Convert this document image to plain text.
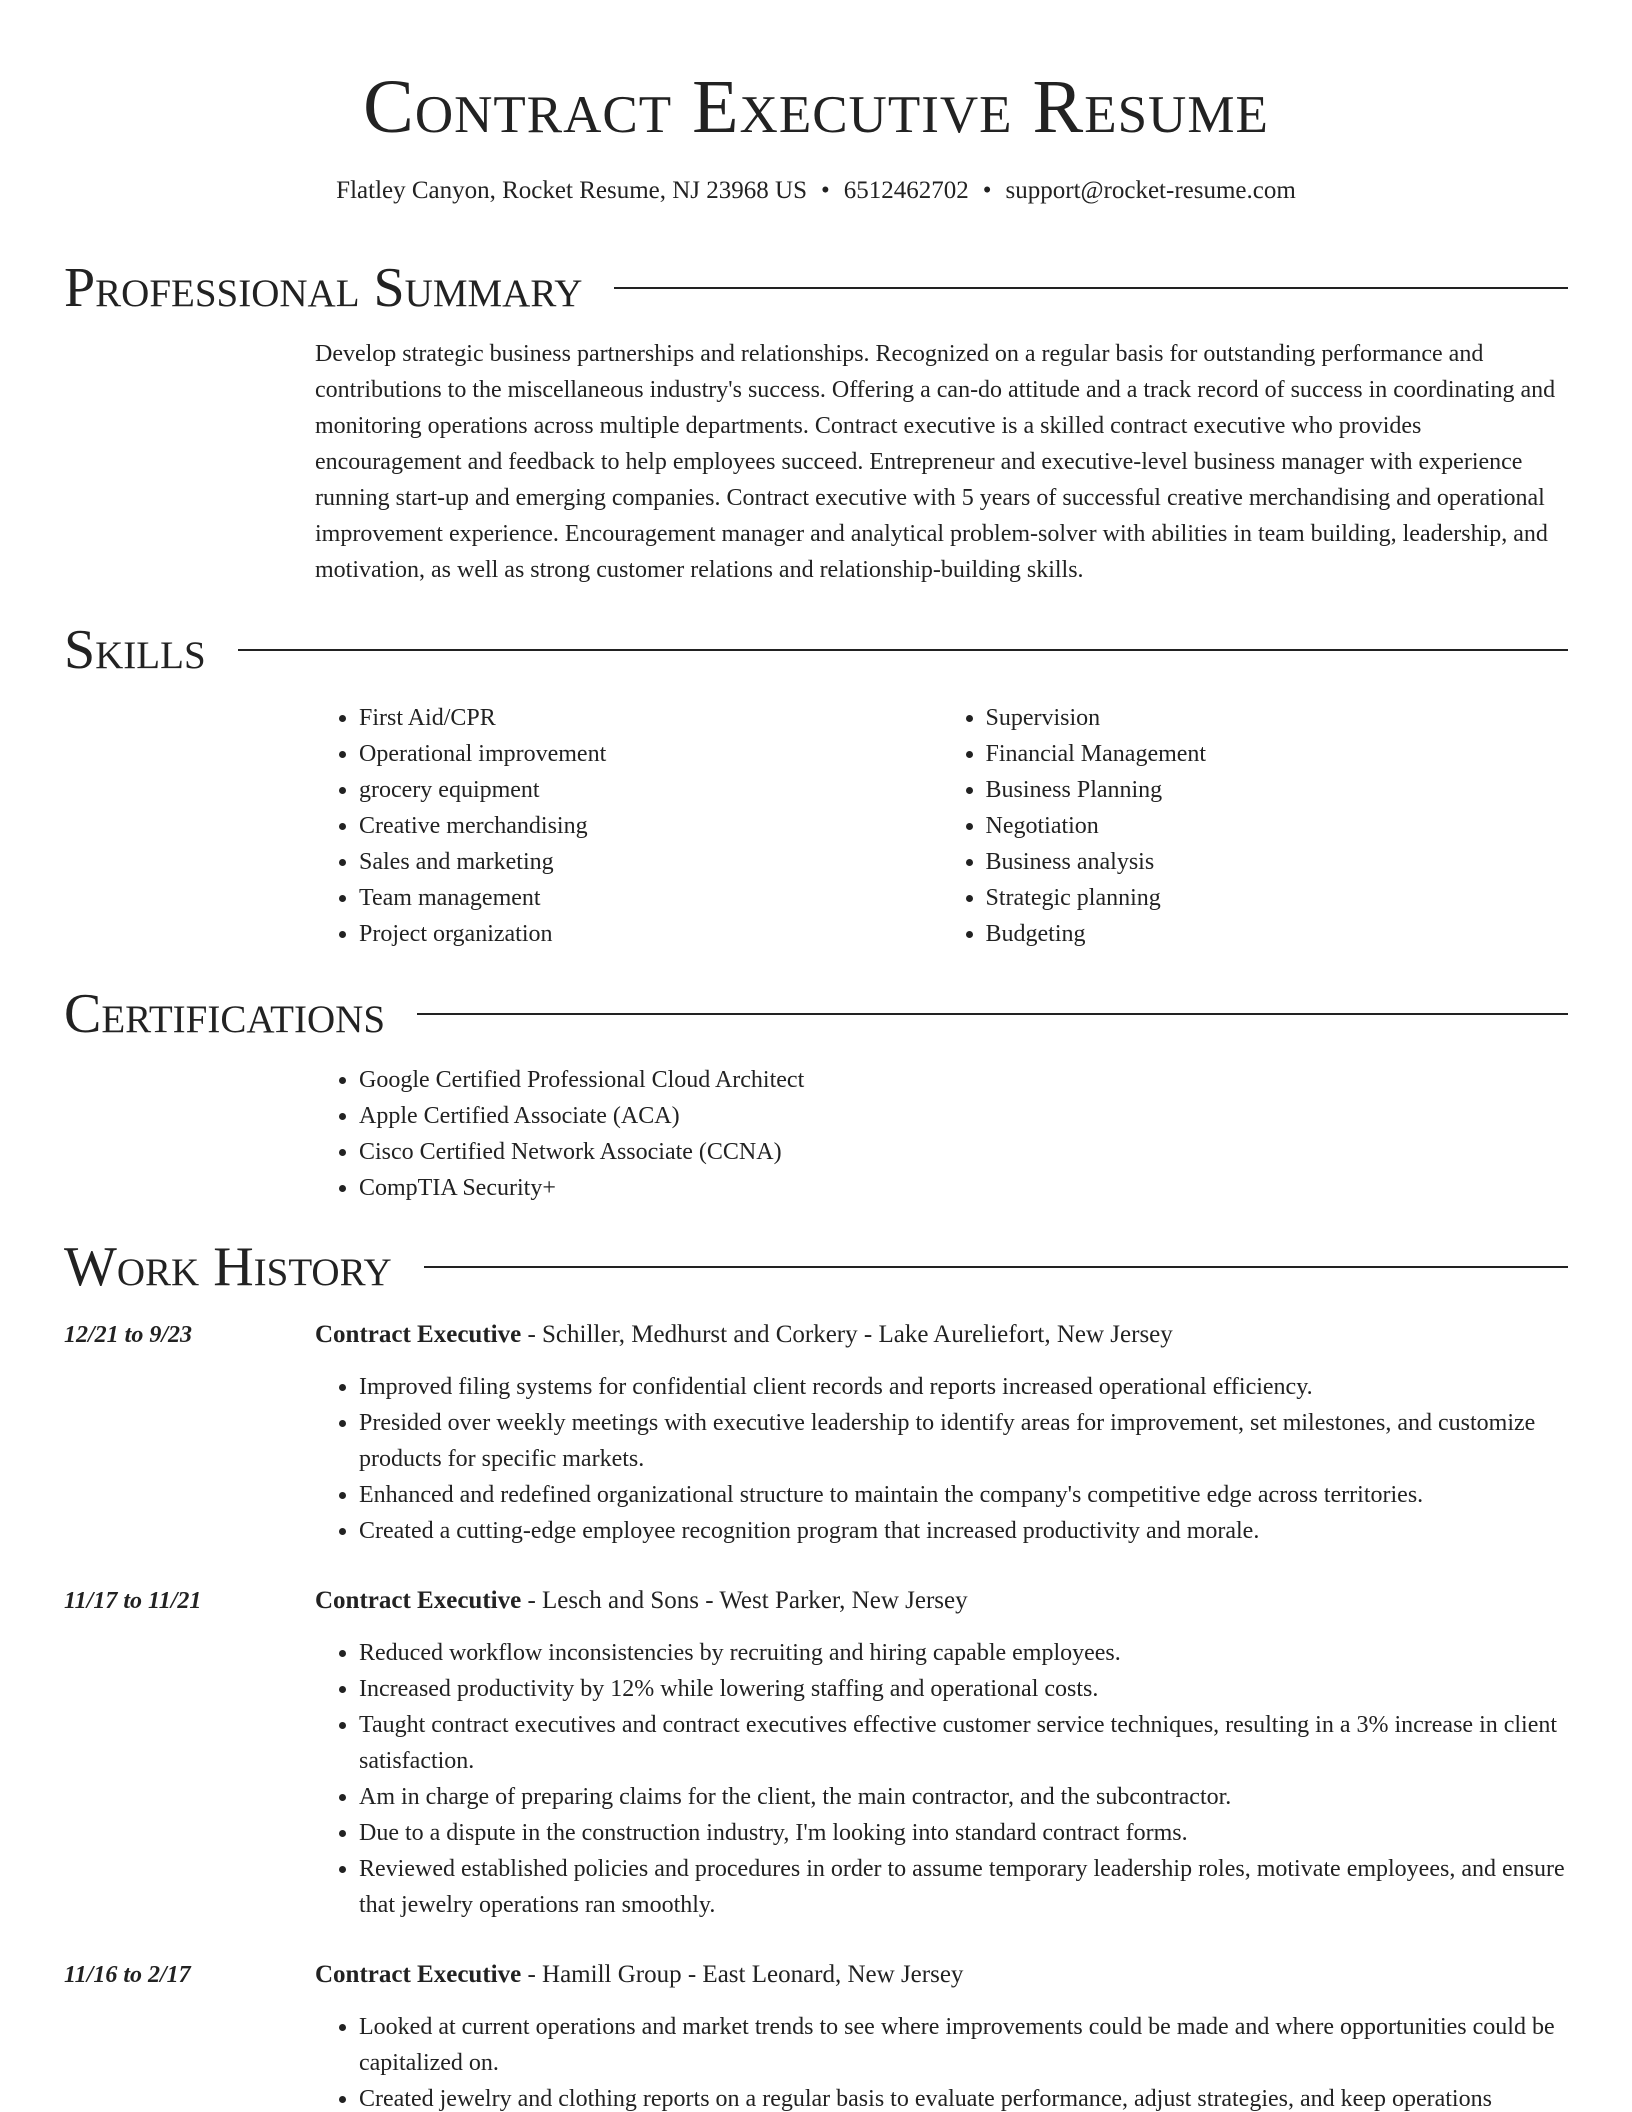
Contract Executive Resume
Flatley Canyon, Rocket Resume, NJ 23968 US • 6512462702 • support@rocket-resume.com
Professional Summary

Develop strategic business partnerships and relationships. Recognized on a regular basis for outstanding performance and contributions to the miscellaneous industry's success. Offering a can-do attitude and a track record of success in coordinating and monitoring operations across multiple departments. Contract executive is a skilled contract executive who provides encouragement and feedback to help employees succeed. Entrepreneur and executive-level business manager with experience running start-up and emerging companies. Contract executive with 5 years of successful creative merchandising and operational improvement experience. Encouragement manager and analytical problem-solver with abilities in team building, leadership, and motivation, as well as strong customer relations and relationship-building skills.

Skills
• First Aid/CPR
• Operational improvement
• grocery equipment
• Creative merchandising
• Sales and marketing
• Team management
• Project organization
• Supervision
• Financial Management
• Business Planning
• Negotiation
• Business analysis
• Strategic planning
• Budgeting
Certifications
• Google Certified Professional Cloud Architect
• Apple Certified Associate (ACA)
• Cisco Certified Network Associate (CCNA)
• CompTIA Security+
Work History
12/21 to 9/23	Contract Executive - Schiller, Medhurst and Corkery - Lake Aureliefort, New Jersey
• Improved filing systems for confidential client records and reports increased operational efficiency.
• Presided over weekly meetings with executive leadership to identify areas for improvement, set milestones, and customize products for specific markets.
• Enhanced and redefined organizational structure to maintain the company's competitive edge across territories.
• Created a cutting-edge employee recognition program that increased productivity and morale.
11/17 to 11/21	Contract Executive - Lesch and Sons - West Parker, New Jersey
• Reduced workflow inconsistencies by recruiting and hiring capable employees.
• Increased productivity by 12% while lowering staffing and operational costs.
• Taught contract executives and contract executives effective customer service techniques, resulting in a 3% increase in client satisfaction.
• Am in charge of preparing claims for the client, the main contractor, and the subcontractor.
• Due to a dispute in the construction industry, I'm looking into standard contract forms.
• Reviewed established policies and procedures in order to assume temporary leadership roles, motivate employees, and ensure that jewelry operations ran smoothly.
11/16 to 2/17	Contract Executive - Hamill Group - East Leonard, New Jersey
• Looked at current operations and market trends to see where improvements could be made and where opportunities could be capitalized on.
• Created jewelry and clothing reports on a regular basis to evaluate performance, adjust strategies, and keep operations
